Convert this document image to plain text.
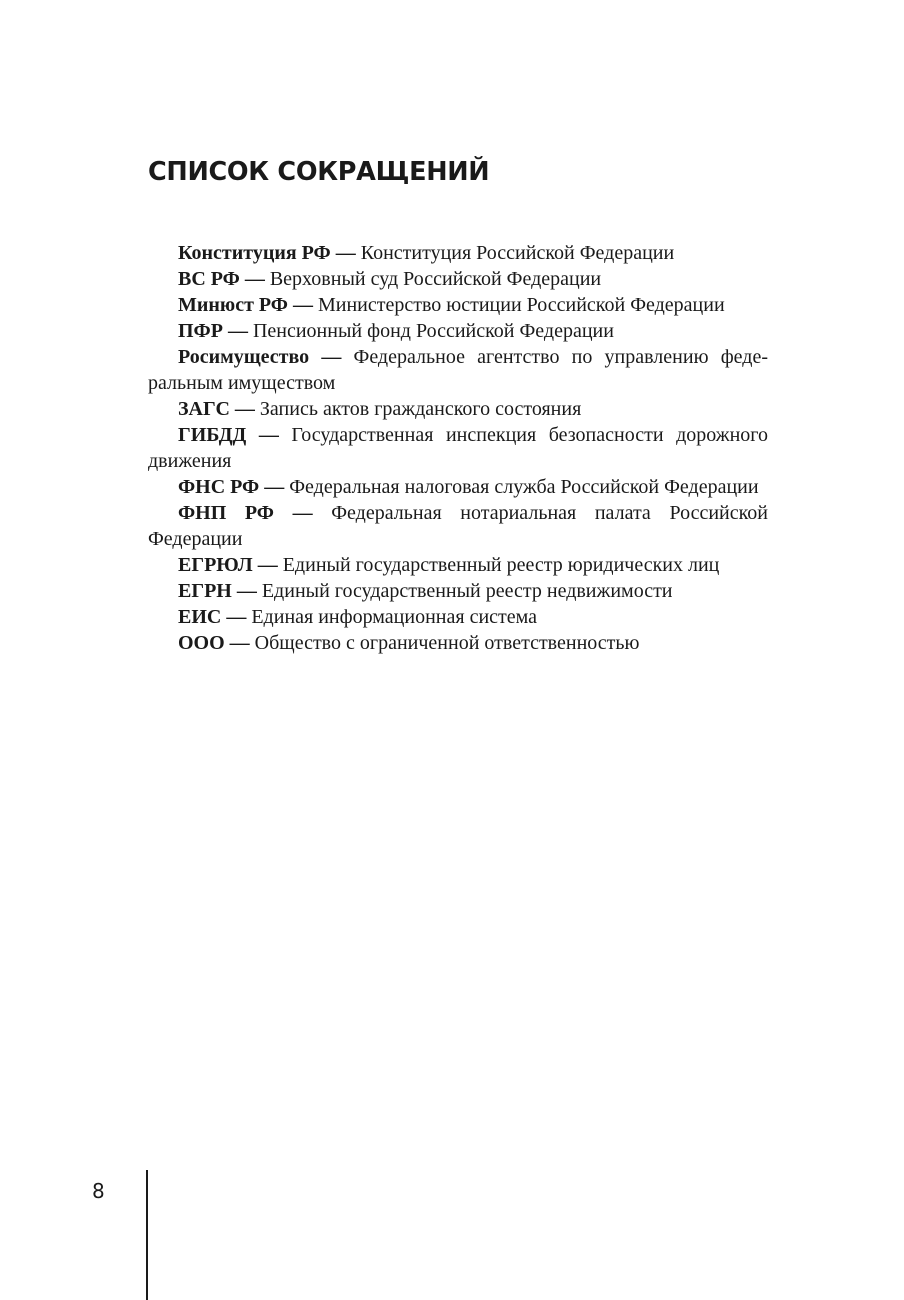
СПИСОК СОКРАЩЕНИЙ
Конституция РФ — Конституция Российской Федерации
ВС РФ — Верховный суд Российской Федерации
Минюст РФ — Министерство юстиции Российской Федерации
ПФР — Пенсионный фонд Российской Федерации
Росимущество — Федеральное агентство по управлению федеральным имуществом
ЗАГС — Запись актов гражданского состояния
ГИБДД — Государственная инспекция безопасности дорожного движения
ФНС РФ — Федеральная налоговая служба Российской Федерации
ФНП РФ — Федеральная нотариальная палата Российской Федерации
ЕГРЮЛ — Единый государственный реестр юридических лиц
ЕГРН — Единый государственный реестр недвижимости
ЕИС — Единая информационная система
ООО — Общество с ограниченной ответственностью
8
